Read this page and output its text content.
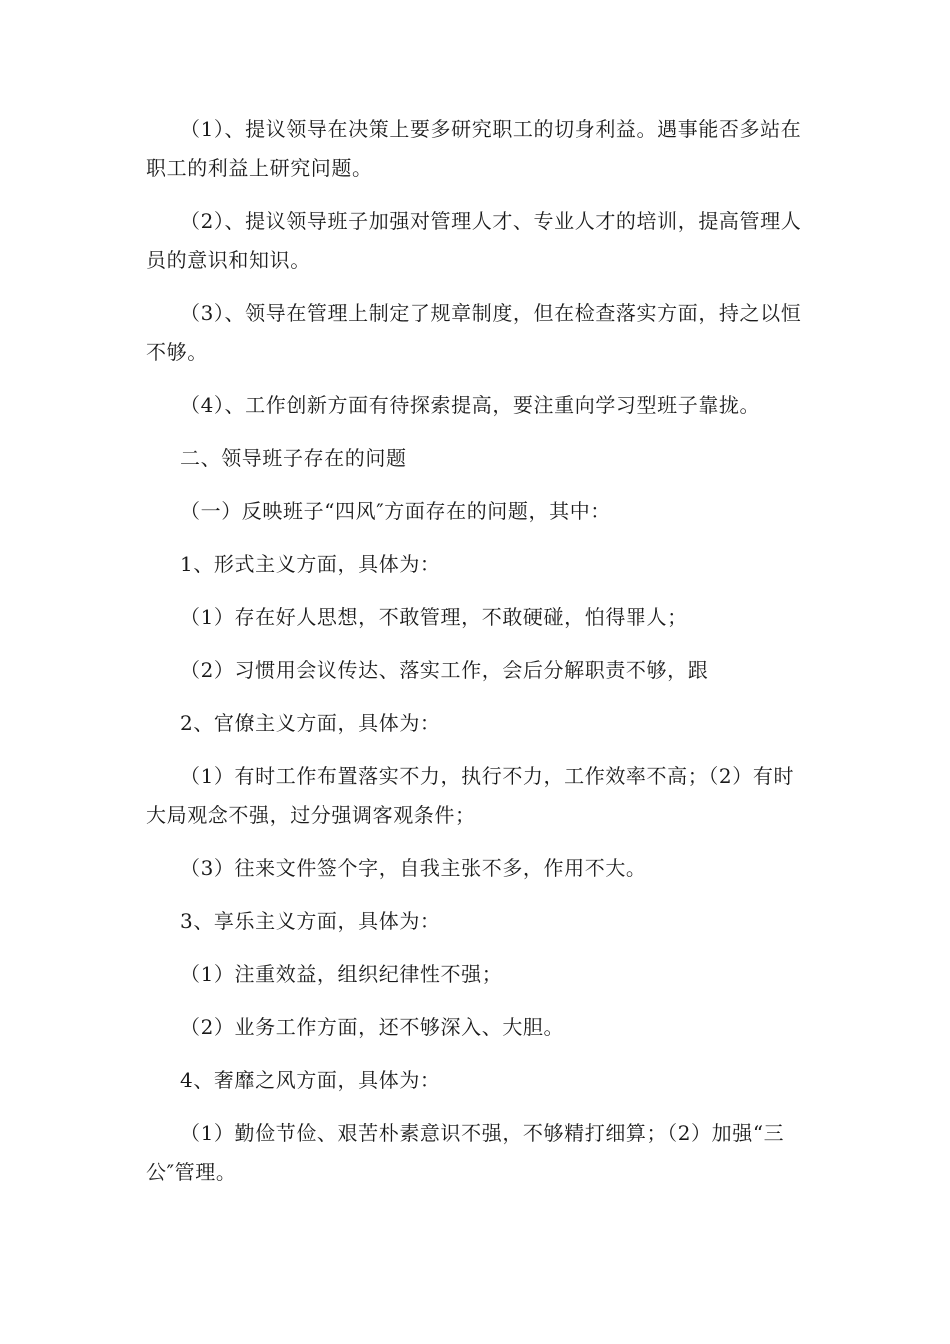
（1）、提议领导在决策上要多研究职工的切身利益。遇事能否多站在职工的利益上研究问题。

（2）、提议领导班子加强对管理人才、专业人才的培训，提高管理人员的意识和知识。

（3）、领导在管理上制定了规章制度，但在检查落实方面，持之以恒不够。

（4）、工作创新方面有待探索提高，要注重向学习型班子靠拢。

二、领导班子存在的问题

（一）反映班子“四风″方面存在的问题，其中：

1、形式主义方面，具体为：

（1）存在好人思想，不敢管理，不敢硬碰，怕得罪人；

（2）习惯用会议传达、落实工作，会后分解职责不够，跟

2、官僚主义方面，具体为：

（1）有时工作布置落实不力，执行不力，工作效率不高；（2）有时大局观念不强，过分强调客观条件；

（3）往来文件签个字，自我主张不多，作用不大。

3、享乐主义方面，具体为：

（1）注重效益，组织纪律性不强；

（2）业务工作方面，还不够深入、大胆。

4、奢靡之风方面，具体为：

（1）勤俭节俭、艰苦朴素意识不强，不够精打细算；（2）加强“三公″管理。
